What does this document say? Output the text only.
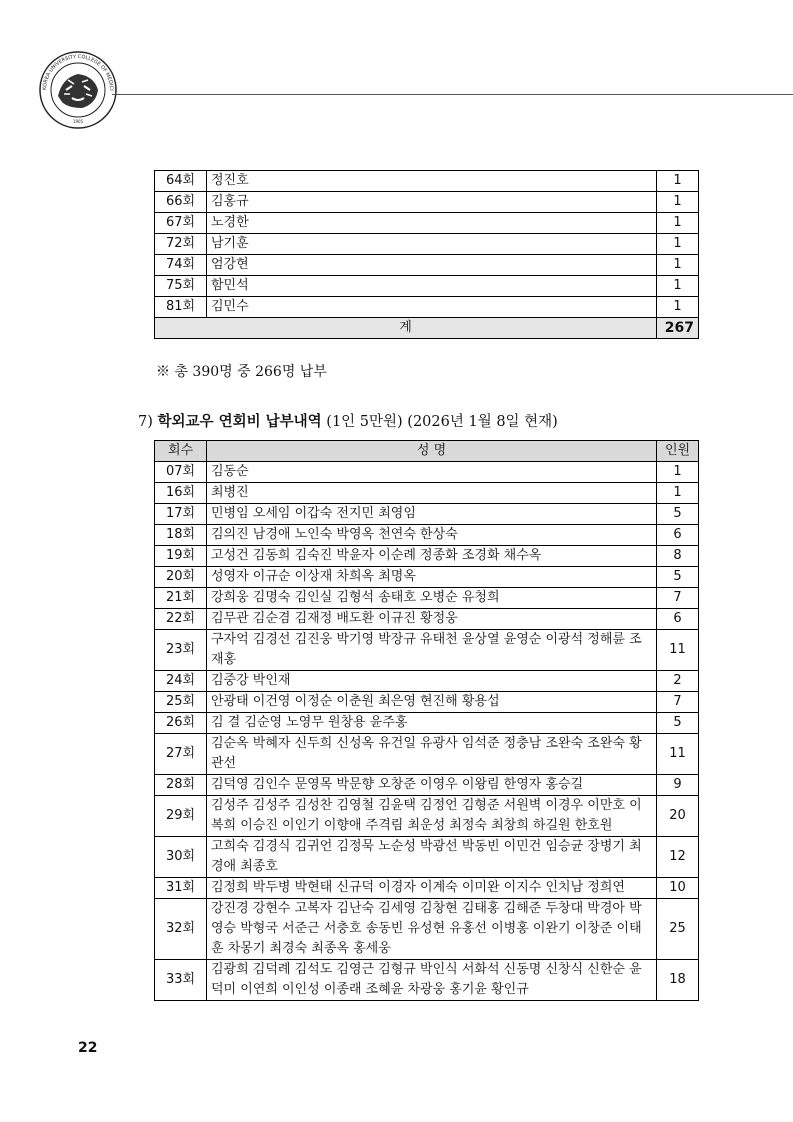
KOREA UNIVERSITY COLLEGE OF MEDICI
1905
64회	정진호	1
66회	김홍규	1
67회	노경한	1
72회	남기훈	1
74회	엄강현	1
75회	함민석	1
81회	김민수	1
계		267
※ 총 390명 중 266명 납부
7) 학외교우 연회비 납부내역 (1인 5만원) (2026년 1월 8일 현재)
회수	성 명	인원
07회	김동순	1
16회	최병진	1
17회	민병임 오세임 이갑숙 전지민 최영임	5
18회	김의진 남경애 노인숙 박영옥 천연숙 한상숙	6
19회	고성건 김동희 김숙진 박윤자 이순례 정종화 조경화 채수옥	8
20회	성영자 이규순 이상재 차희옥 최명옥	5
21회	강희웅 김명숙 김인실 김형석 송태호 오병순 유청희	7
22회	김무관 김순겸 김재정 배도환 이규진 황정웅	6
23회	구자억 김경선 김진웅 박기영 박장규 유태천 윤상열 윤영순 이광석 정해륜 조재홍	11
24회	김중강 박인재	2
25회	안광태 이건영 이정순 이춘원 최은영 현진해 황용섭	7
26회	김 결 김순영 노영무 원창용 윤주홍	5
27회	김순옥 박혜자 신두희 신성옥 유건일 유광사 임석준 정충남 조완숙 조완숙 황관선	11
28회	김덕영 김인수 문영목 박문향 오창준 이영우 이왕림 한영자 홍승길	9
29회	김성주 김성주 김성찬 김영철 김윤택 김정언 김형준 서원벽 이경우 이만호 이복희 이승진 이인기 이향애 주격림 최운성 최정숙 최창희 하길원 한호원	20
30회	고희숙 김경식 김귀언 김정묵 노순성 박광선 박동빈 이민건 임승균 장병기 최경애 최종호	12
31회	김정희 박두병 박현태 신규덕 이경자 이계숙 이미완 이지수 인치남 정희연	10
32회	강진경 강현수 고복자 김난숙 김세영 김창현 김태홍 김해준 두창대 박경아 박영승 박형국 서준근 서충호 송동빈 유성현 유홍선 이병홍 이완기 이창준 이태훈 차몽기 최경숙 최종옥 홍세웅	25
33회	김광희 김덕례 김석도 김영근 김형규 박인식 서화석 신동명 신창식 신한순 윤덕미 이연희 이인성 이종래 조혜윤 차광웅 홍기윤 황인규	18
22
